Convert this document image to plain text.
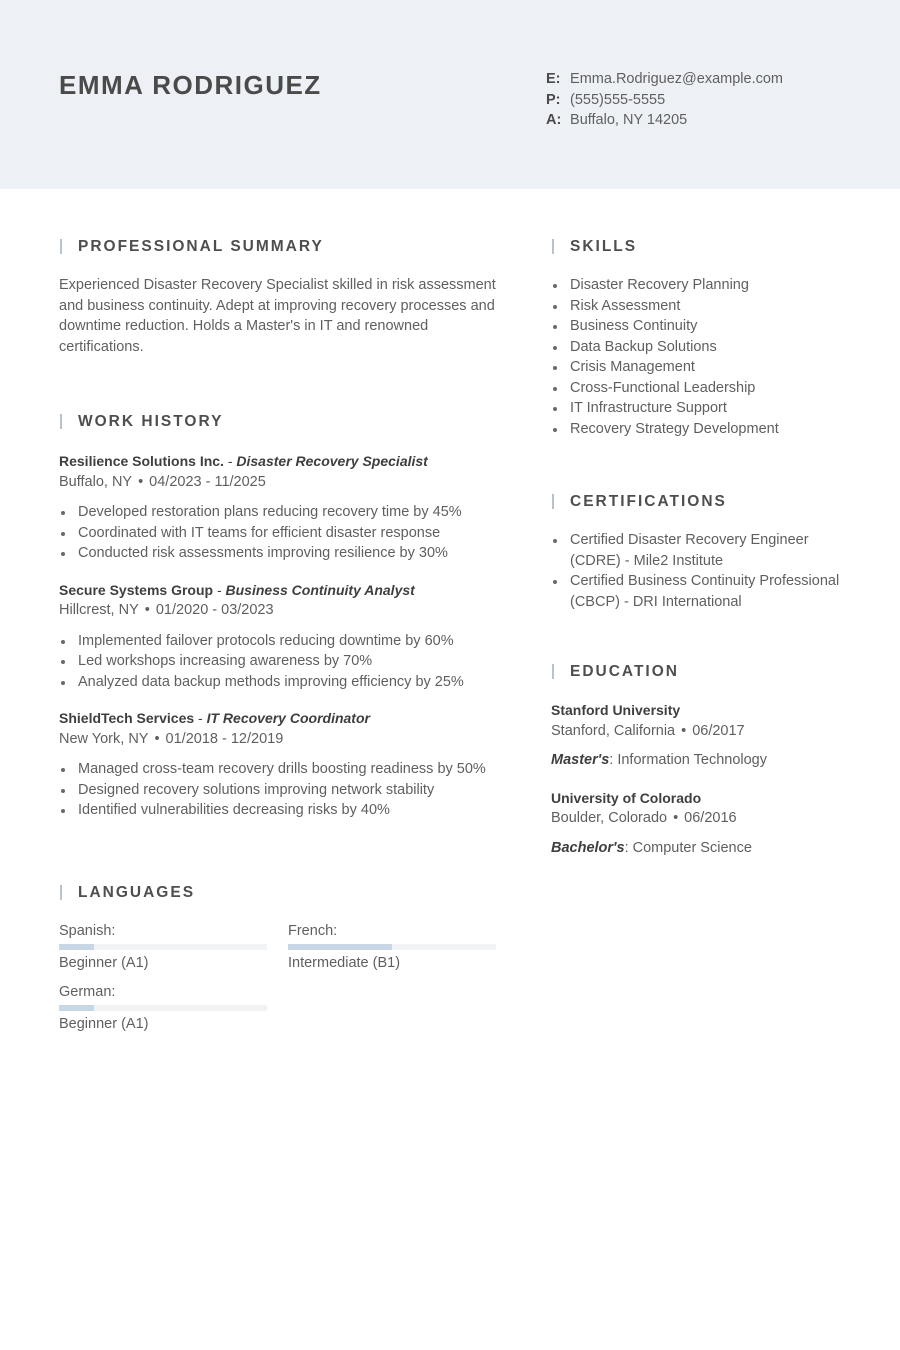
EMMA RODRIGUEZ	E: Emma.Rodriguez@example.com
P: (555)555-5555
A: Buffalo, NY 14205
PROFESSIONAL SUMMARY

Experienced Disaster Recovery Specialist skilled in risk assessment and business continuity. Adept at improving recovery processes and downtime reduction. Holds a Master's in IT and renowned certifications.

WORK HISTORY
Resilience Solutions Inc. - Disaster Recovery Specialist
Buffalo, NY • 04/2023 - 11/2025
Developed restoration plans reducing recovery time by 45%
Coordinated with IT teams for efficient disaster response
Conducted risk assessments improving resilience by 30%
Secure Systems Group - Business Continuity Analyst
Hillcrest, NY • 01/2020 - 03/2023
Implemented failover protocols reducing downtime by 60%
Led workshops increasing awareness by 70%
Analyzed data backup methods improving efficiency by 25%
ShieldTech Services - IT Recovery Coordinator
New York, NY • 01/2018 - 12/2019
Managed cross-team recovery drills boosting readiness by 50%
Designed recovery solutions improving network stability
Identified vulnerabilities decreasing risks by 40%
LANGUAGES
Spanish:
Beginner (A1)
French:
Intermediate (B1)
German:
Beginner (A1)
SKILLS
Disaster Recovery Planning
Risk Assessment
Business Continuity
Data Backup Solutions
Crisis Management
Cross-Functional Leadership
IT Infrastructure Support
Recovery Strategy Development
CERTIFICATIONS
Certified Disaster Recovery Engineer (CDRE) - Mile2 Institute
Certified Business Continuity Professional (CBCP) - DRI International
EDUCATION
Stanford University
Stanford, California • 06/2017
Master's: Information Technology
University of Colorado
Boulder, Colorado • 06/2016
Bachelor's: Computer Science
